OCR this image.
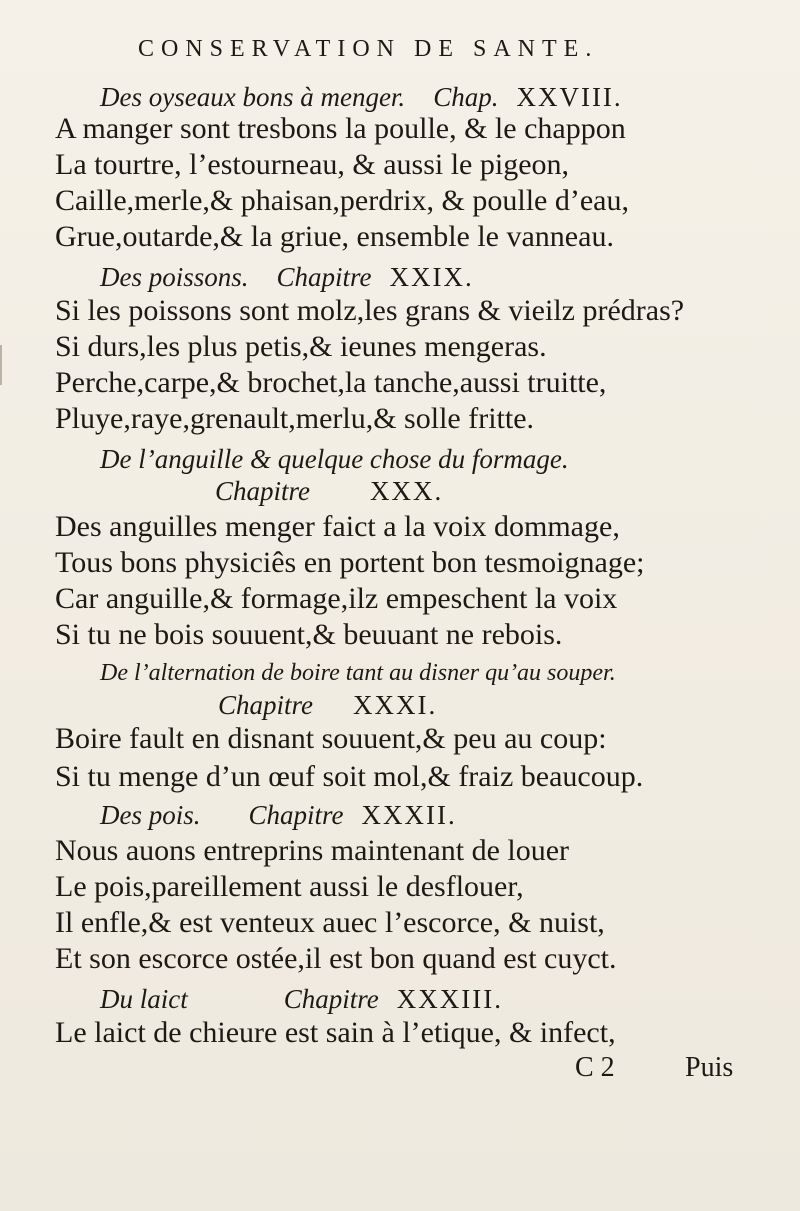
CONSERVATION DE SANTE.
Des oyseaux bons à menger. Chap. XXVIII.
A manger sont tresbons la poulle, & le chappon
La tourtre, l’estourneau, & aussi le pigeon,
Caille,merle,& phaisan,perdrix, & poulle d’eau,
Grue,outarde,& la griue, ensemble le vanneau.
Des poissons. Chapitre XXIX.
Si les poissons sont molz,les grans & vieilz prédras?
Si durs,les plus petis,& ieunes mengeras.
Perche,carpe,& brochet,la tanche,aussi truitte,
Pluye,raye,grenault,merlu,& solle fritte.
De l’anguille & quelque chose du formage.
Chapitre XXX.
Des anguilles menger faict a la voix dommage,
Tous bons physiciês en portent bon tesmoignage;
Car anguille,& formage,ilz empeschent la voix
Si tu ne bois souuent,& beuuant ne rebois.
De l’alternation de boire tant au disner qu’au souper.
Chapitre XXXI.
Boire fault en disnant souuent,& peu au coup:
Si tu menge d’un œuf soit mol,& fraiz beaucoup.
Des pois. Chapitre XXXII.
Nous auons entreprins maintenant de louer
Le pois,pareillement aussi le desflouer,
Il enfle,& est venteux auec l’escorce, & nuist,
Et son escorce ostée,il est bon quand est cuyct.
Du laict	Chapitre XXXIII.
Le laict de chieure est sain à l’etique, & infect,
C 2	Puis
